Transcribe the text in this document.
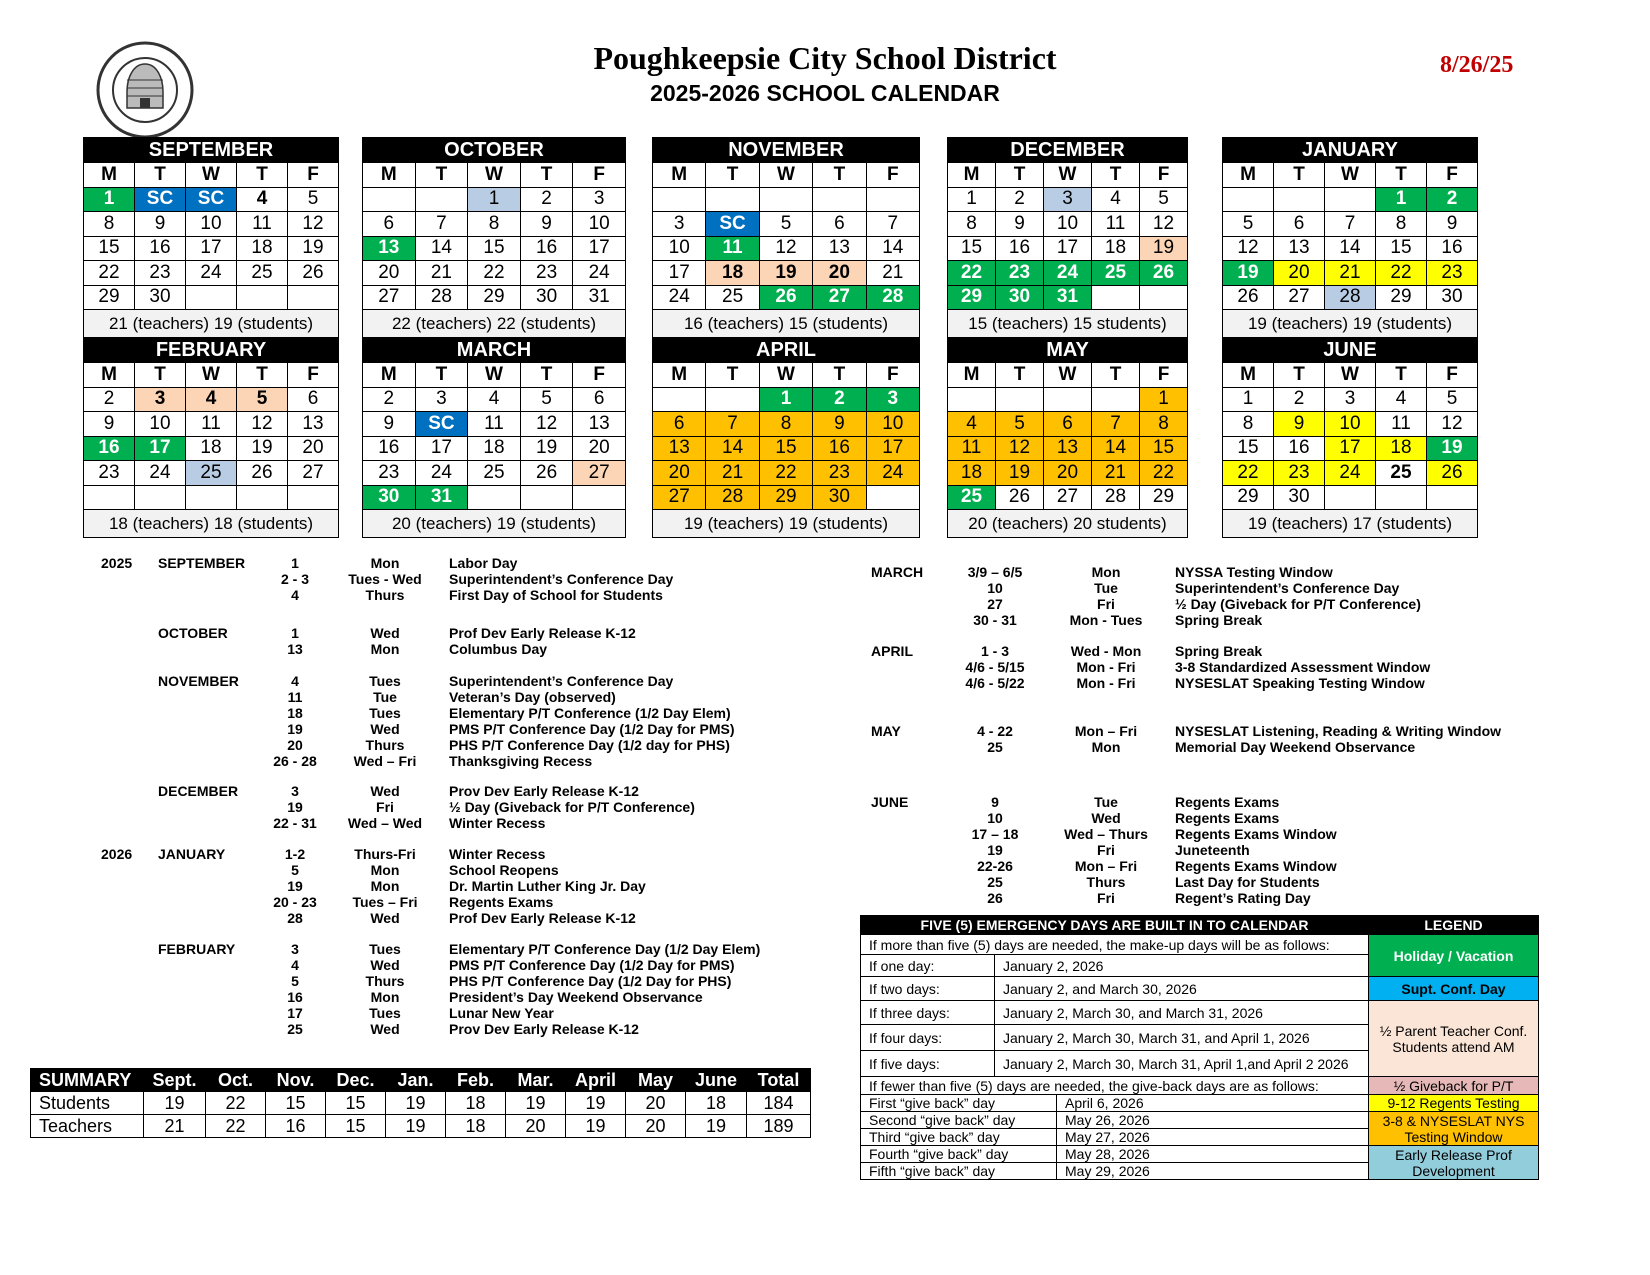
Poughkeepsie City School District
2025-2026 SCHOOL CALENDAR
8/26/25
SEPTEMBER				
M	T	W	T	F
1	SC	SC	4	5
8	9	10	11	12
15	16	17	18	19
22	23	24	25	26
29	30			
21 (teachers) 19 (students)				
OCTOBER				
M	T	W	T	F
		1	2	3
6	7	8	9	10
13	14	15	16	17
20	21	22	23	24
27	28	29	30	31
22 (teachers) 22 (students)				
NOVEMBER				
M	T	W	T	F

3	SC	5	6	7
10	11	12	13	14
17	18	19	20	21
24	25	26	27	28
16 (teachers) 15 (students)				
DECEMBER				
M	T	W	T	F
1	2	3	4	5
8	9	10	11	12
15	16	17	18	19
22	23	24	25	26
29	30	31		
15 (teachers) 15 students)				
JANUARY				
M	T	W	T	F
			1	2
5	6	7	8	9
12	13	14	15	16
19	20	21	22	23
26	27	28	29	30
19 (teachers) 19 (students)				
FEBRUARY				
M	T	W	T	F
2	3	4	5	6
9	10	11	12	13
16	17	18	19	20
23	24	25	26	27

18 (teachers) 18 (students)				
MARCH				
M	T	W	T	F
2	3	4	5	6
9	SC	11	12	13
16	17	18	19	20
23	24	25	26	27
30	31			
20 (teachers) 19 (students)				
APRIL				
M	T	W	T	F
		1	2	3
6	7	8	9	10
13	14	15	16	17
20	21	22	23	24
27	28	29	30	
19 (teachers) 19 (students)				
MAY				
M	T	W	T	F
				1
4	5	6	7	8
11	12	13	14	15
18	19	20	21	22
25	26	27	28	29
20 (teachers) 20 students)				
JUNE				
M	T	W	T	F
1	2	3	4	5
8	9	10	11	12
15	16	17	18	19
22	23	24	25	26
29	30			
19 (teachers) 17 (students)				
2025 SEPTEMBER	1	Mon	Labor Day
2 - 3	Tues - Wed	Superintendent’s Conference Day
4	Thurs	First Day of School for Students
OCTOBER	1	Wed	Prof Dev Early Release K-12
13	Mon	Columbus Day
NOVEMBER	4	Tues	Superintendent’s Conference Day
11	Tue	Veteran’s Day (observed)
18	Tues	Elementary P/T Conference (1/2 Day Elem)
19	Wed	PMS P/T Conference Day (1/2 Day for PMS)
20	Thurs	PHS P/T Conference Day (1/2 day for PHS)
26 - 28	Wed – Fri	Thanksgiving Recess
DECEMBER	3	Wed	Prov Dev Early Release K-12
19	Fri	½ Day (Giveback for P/T Conference)
22 - 31	Wed – Wed	Winter Recess
2026 JANUARY	1-2	Thurs-Fri	Winter Recess
5	Mon	School Reopens
19	Mon	Dr. Martin Luther King Jr. Day
20 - 23	Tues – Fri	Regents Exams
28	Wed	Prof Dev Early Release K-12
FEBRUARY	3	Tues	Elementary P/T Conference Day (1/2 Day Elem)
4	Wed	PMS P/T Conference Day (1/2 Day for PMS)
5	Thurs	PHS P/T Conference Day (1/2 Day for PHS)
16	Mon	President’s Day Weekend Observance
17	Tues	Lunar New Year
25	Wed	Prov Dev Early Release K-12
MARCH	3/9 – 6/5	Mon	NYSSA Testing Window
10	Tue	Superintendent’s Conference Day
27	Fri	½ Day (Giveback for P/T Conference)
30 - 31	Mon - Tues	Spring Break
APRIL	1 - 3	Wed - Mon	Spring Break
4/6 - 5/15	Mon - Fri	3-8 Standardized Assessment Window
4/6 - 5/22	Mon - Fri	NYSESLAT Speaking Testing Window
MAY	4 - 22	Mon – Fri	NYSESLAT Listening, Reading & Writing Window
25	Mon	Memorial Day Weekend Observance
JUNE	9	Tue	Regents Exams
10	Wed	Regents Exams
17 – 18	Wed – Thurs	Regents Exams Window
19	Fri	Juneteenth
22-26	Mon – Fri	Regents Exams Window
25	Thurs	Last Day for Students
26	Fri	Regent’s Rating Day
SUMMARY	Sept.	Oct.	Nov.	Dec.	Jan.	Feb.	Mar.	April	May	June	Total
Students	19	22	15	15	19	18	19	19	20	18	184
Teachers	21	22	16	15	19	18	20	19	20	19	189
FIVE (5) EMERGENCY DAYS ARE BUILT IN TO CALENDAR			LEGEND
If more than five (5) days are needed, the make-up days will be as follows:			Holiday / Vacation
If one day:	January 2, 2026		
If two days:	January 2, and March 30, 2026		Supt. Conf. Day
If three days:	January 2, March 30, and March 31, 2026		½ Parent Teacher Conf. Students attend AM
If four days:	January 2, March 30, March 31, and April 1, 2026		
If five days:	January 2, March 30, March 31, April 1,and April 2 2026		
If fewer than five (5) days are needed, the give-back days are as follows:			½ Giveback for P/T
First “give back” day		April 6, 2026	9-12 Regents Testing
Second “give back” day		May 26, 2026	3-8 & NYSESLAT NYS Testing Window
Third “give back” day		May 27, 2026	
Fourth “give back” day		May 28, 2026	Early Release Prof Development
Fifth “give back” day		May 29, 2026	
